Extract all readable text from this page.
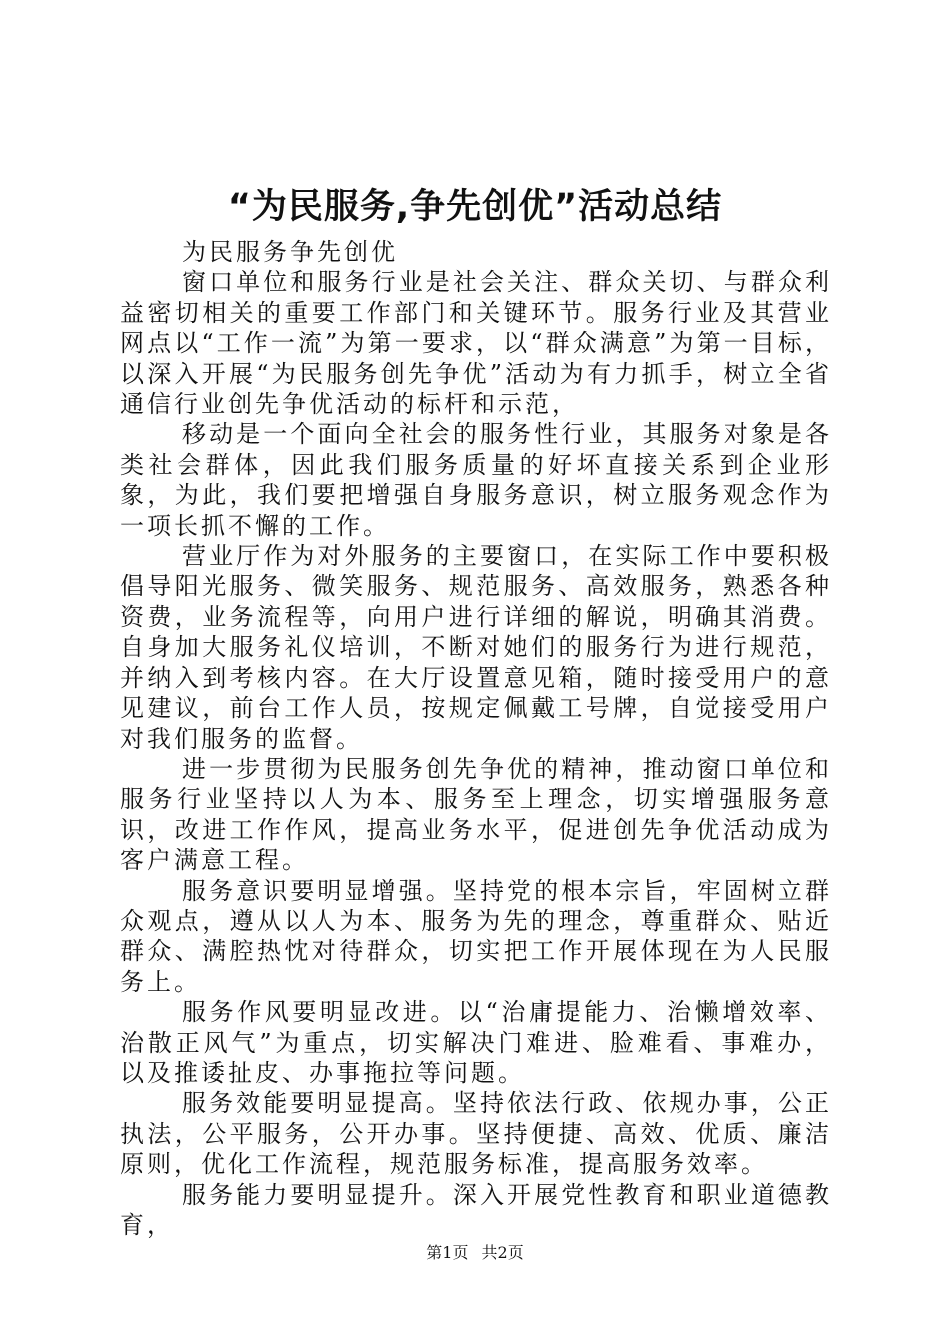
“为民服务,争先创优”活动总结

为民服务争先创优

窗口单位和服务行业是社会关注、群众关切、与群众利益密切相关的重要工作部门和关键环节。服务行业及其营业网点以“工作一流”为第一要求，以“群众满意”为第一目标，以深入开展“为民服务创先争优”活动为有力抓手，树立全省通信行业创先争优活动的标杆和示范，

移动是一个面向全社会的服务性行业，其服务对象是各类社会群体，因此我们服务质量的好坏直接关系到企业形象，为此，我们要把增强自身服务意识，树立服务观念作为一项长抓不懈的工作。

营业厅作为对外服务的主要窗口，在实际工作中要积极倡导阳光服务、微笑服务、规范服务、高效服务，熟悉各种资费，业务流程等，向用户进行详细的解说，明确其消费。自身加大服务礼仪培训，不断对她们的服务行为进行规范，并纳入到考核内容。在大厅设置意见箱，随时接受用户的意见建议，前台工作人员，按规定佩戴工号牌，自觉接受用户对我们服务的监督。

进一步贯彻为民服务创先争优的精神，推动窗口单位和服务行业坚持以人为本、服务至上理念，切实增强服务意识，改进工作作风，提高业务水平，促进创先争优活动成为客户满意工程。

服务意识要明显增强。坚持党的根本宗旨，牢固树立群众观点，遵从以人为本、服务为先的理念，尊重群众、贴近群众、满腔热忱对待群众，切实把工作开展体现在为人民服务上。

服务作风要明显改进。以“治庸提能力、治懒增效率、治散正风气”为重点，切实解决门难进、脸难看、事难办，以及推诿扯皮、办事拖拉等问题。

服务效能要明显提高。坚持依法行政、依规办事，公正执法，公平服务，公开办事。坚持便捷、高效、优质、廉洁原则，优化工作流程，规范服务标准，提高服务效率。

服务能力要明显提升。深入开展党性教育和职业道德教育，

第1页 共2页
